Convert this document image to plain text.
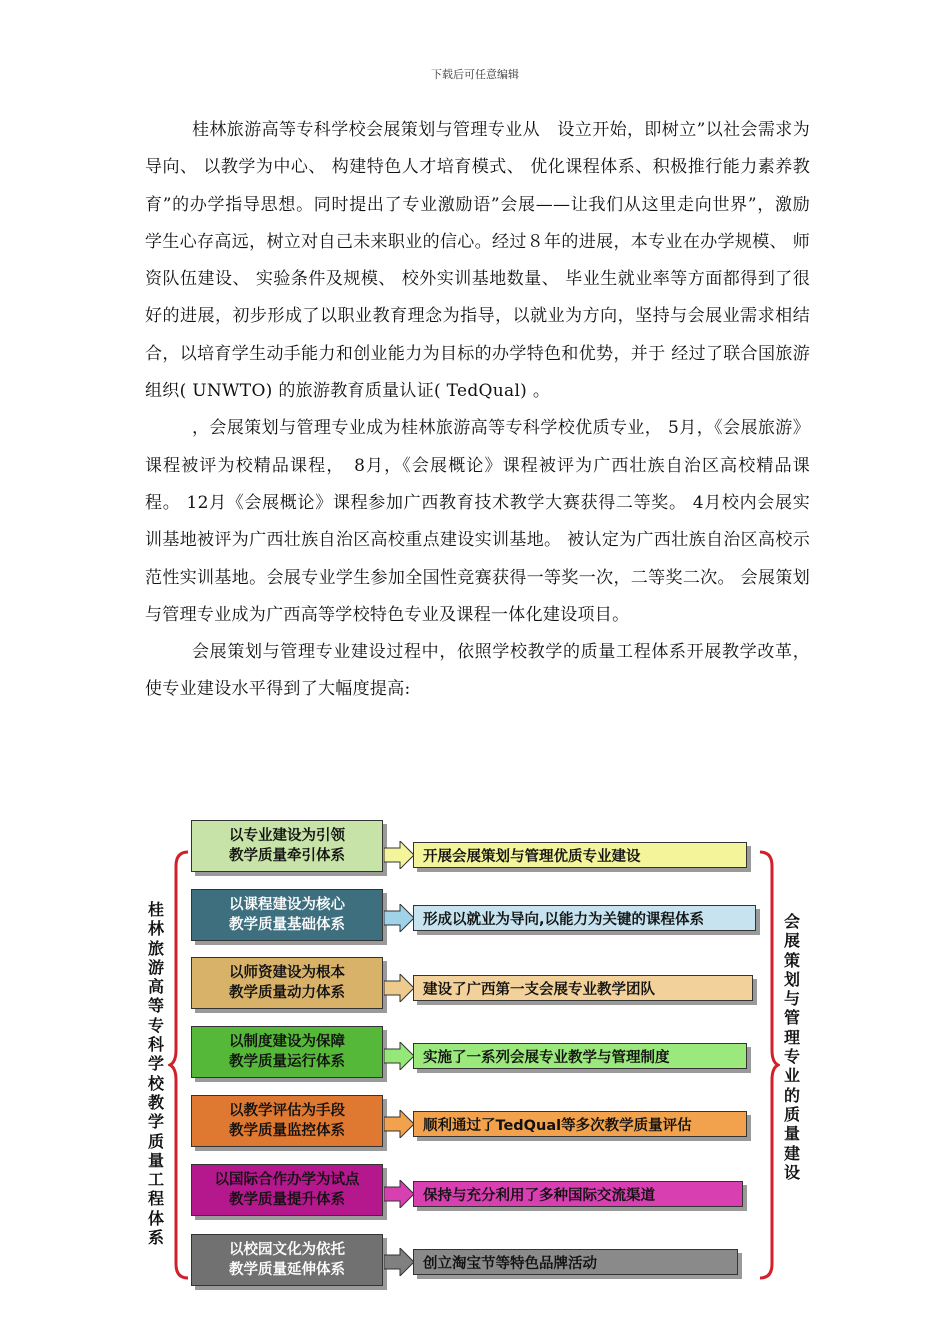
下载后可任意编辑

桂林旅游高等专科学校会展策划与管理专业从　设立开始，即树立”以社会需求为导向、 以教学为中心、 构建特色人才培育模式、 优化课程体系、积极推行能力素养教育”的办学指导思想。同时提出了专业激励语”会展——让我们从这里走向世界”，激励学生心存高远，树立对自己未来职业的信心。经过８年的进展，本专业在办学规模、 师资队伍建设、 实验条件及规模、 校外实训基地数量、 毕业生就业率等方面都得到了很好的进展，初步形成了以职业教育理念为指导，以就业为方向，坚持与会展业需求相结合，以培育学生动手能力和创业能力为目标的办学特色和优势，并于 经过了联合国旅游组织( UNWTO) 的旅游教育质量认证( TedQual) 。

，会展策划与管理专业成为桂林旅游高等专科学校优质专业， 5月，《会展旅游》课程被评为校精品课程，　8月，《会展概论》课程被评为广西壮族自治区高校精品课程。 12月《会展概论》课程参加广西教育技术教学大赛获得二等奖。 4月校内会展实训基地被评为广西壮族自治区高校重点建设实训基地。 被认定为广西壮族自治区高校示范性实训基地。会展专业学生参加全国性竞赛获得一等奖一次，二等奖二次。 会展策划与管理专业成为广西高等学校特色专业及课程一体化建设项目。

会展策划与管理专业建设过程中，依照学校教学的质量工程体系开展教学改革，使专业建设水平得到了大幅度提高:

桂林旅游高等专科学校教学质量工程体系
会展策划与管理专业的质量建设
以专业建设为引领
教学质量牵引体系	开展会展策划与管理优质专业建设
以课程建设为核心
教学质量基础体系	形成以就业为导向,以能力为关键的课程体系
以师资建设为根本
教学质量动力体系	建设了广西第一支会展专业教学团队
以制度建设为保障
教学质量运行体系	实施了一系列会展专业教学与管理制度
以教学评估为手段
教学质量监控体系	顺利通过了TedQual等多次教学质量评估
以国际合作办学为试点
教学质量提升体系	保持与充分利用了多种国际交流渠道
以校园文化为依托
教学质量延伸体系	创立淘宝节等特色品牌活动
